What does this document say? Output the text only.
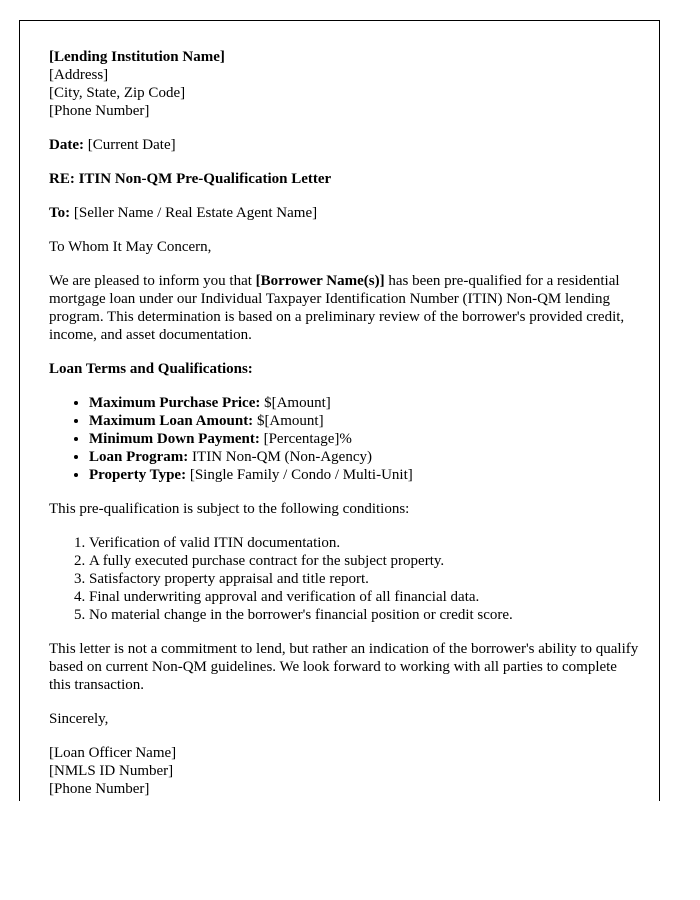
[Lending Institution Name]
[Address]
[City, State, Zip Code]
[Phone Number]

Date: [Current Date]

RE: ITIN Non-QM Pre-Qualification Letter

To: [Seller Name / Real Estate Agent Name]

To Whom It May Concern,

We are pleased to inform you that [Borrower Name(s)] has been pre-qualified for a residential mortgage loan under our Individual Taxpayer Identification Number (ITIN) Non-QM lending program. This determination is based on a preliminary review of the borrower's provided credit, income, and asset documentation.

Loan Terms and Qualifications:

• Maximum Purchase Price: $[Amount]
• Maximum Loan Amount: $[Amount]
• Minimum Down Payment: [Percentage]%
• Loan Program: ITIN Non-QM (Non-Agency)
• Property Type: [Single Family / Condo / Multi-Unit]

This pre-qualification is subject to the following conditions:

1. Verification of valid ITIN documentation.
2. A fully executed purchase contract for the subject property.
3. Satisfactory property appraisal and title report.
4. Final underwriting approval and verification of all financial data.
5. No material change in the borrower's financial position or credit score.

This letter is not a commitment to lend, but rather an indication of the borrower's ability to qualify based on current Non-QM guidelines. We look forward to working with all parties to complete this transaction.

Sincerely,

[Loan Officer Name]
[NMLS ID Number]
[Phone Number]
